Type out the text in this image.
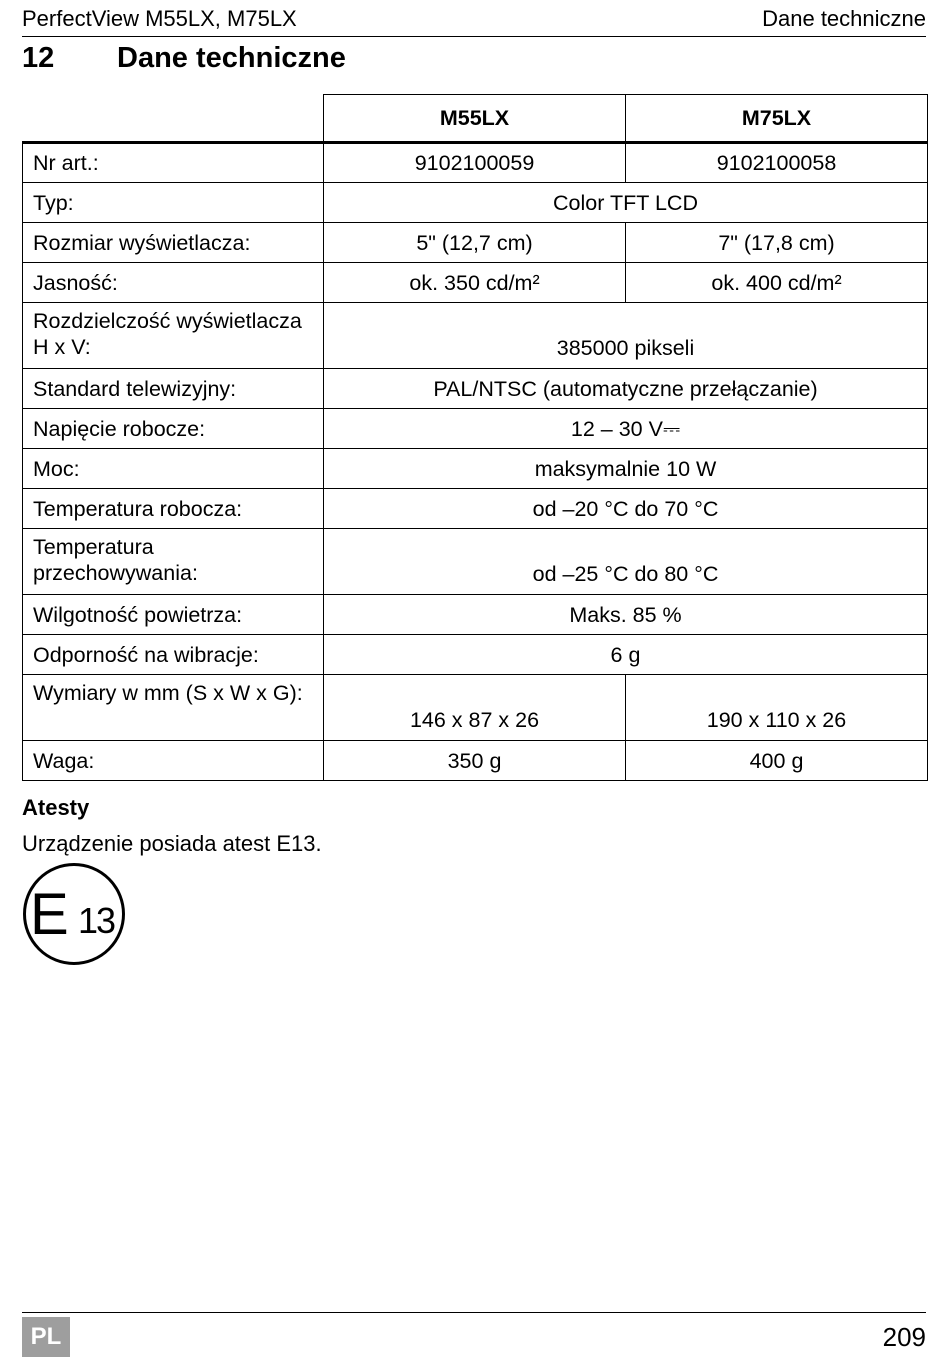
PerfectView M55LX, M75LX	Dane techniczne
12 Dane techniczne
	M55LX	M75LX
Nr art.:	9102100059	9102100058
Typ:	Color TFT LCD	
Rozmiar wyświetlacza:	5" (12,7 cm)	7" (17,8 cm)
Jasność:	ok. 350 cd/m²	ok. 400 cd/m²
Rozdzielczość wyświetlacza H x V:	385000 pikseli	
Standard telewizyjny:	PAL/NTSC (automatyczne przełączanie)	
Napięcie robocze:	12 – 30 V⎓	
Moc:	maksymalnie 10 W	
Temperatura robocza:	od –20 °C do 70 °C	
Temperatura przechowywania:	od –25 °C do 80 °C	
Wilgotność powietrza:	Maks. 85 %	
Odporność na wibracje:	6 g	
Wymiary w mm (S x W x G):	146 x 87 x 26	190 x 110 x 26
Waga:	350 g	400 g
Atesty
Urządzenie posiada atest E13.
E 13
PL	209
